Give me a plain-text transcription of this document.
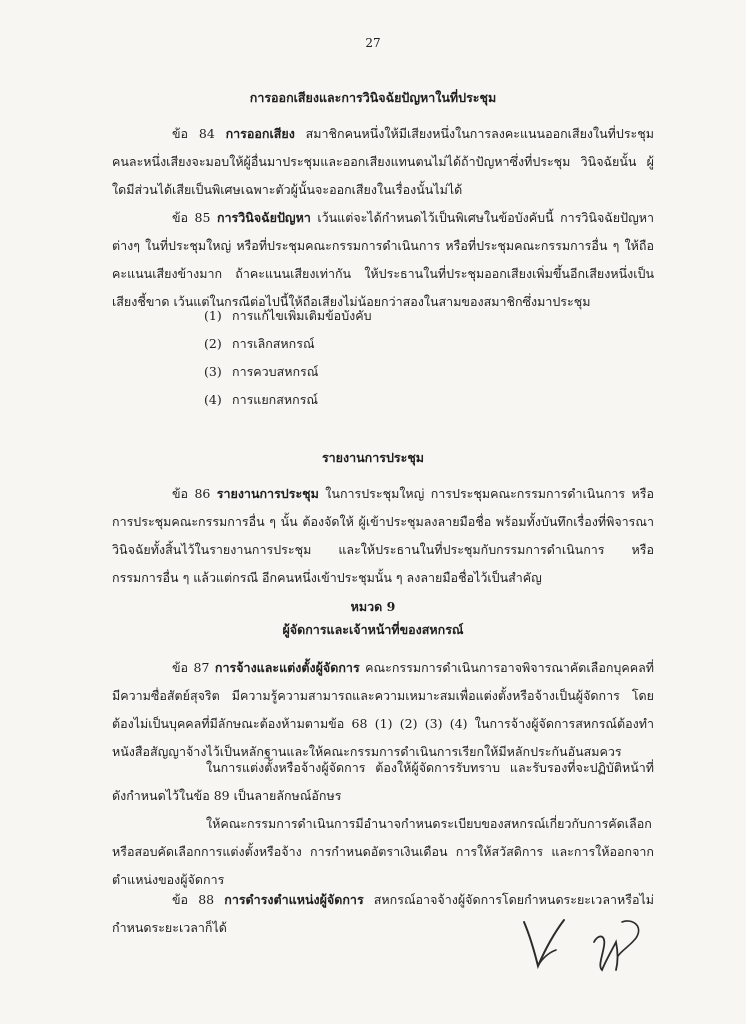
27
การออกเสียงและการวินิจฉัยปัญหาในที่ประชุม

ข้อ 84 การออกเสียง สมาชิกคนหนึ่งให้มีเสียงหนึ่งในการลงคะแนนออกเสียงในที่ประชุมคนละหนึ่งเสียงจะมอบให้ผู้อื่นมาประชุมและออกเสียงแทนตนไม่ได้ถ้าปัญหาซึ่งที่ประชุม วินิจฉัยนั้น ผู้ใดมีส่วนได้เสียเป็นพิเศษเฉพาะตัวผู้นั้นจะออกเสียงในเรื่องนั้นไม่ได้

ข้อ 85 การวินิจฉัยปัญหา เว้นแต่จะได้กำหนดไว้เป็นพิเศษในข้อบังคับนี้ การวินิจฉัยปัญหาต่างๆ ในที่ประชุมใหญ่ หรือที่ประชุมคณะกรรมการดำเนินการ หรือที่ประชุมคณะกรรมการอื่น ๆ ให้ถือคะแนนเสียงข้างมาก ถ้าคะแนนเสียงเท่ากัน ให้ประธานในที่ประชุมออกเสียงเพิ่มขึ้นอีกเสียงหนึ่งเป็นเสียงชี้ขาด เว้นแต่ในกรณีต่อไปนี้ให้ถือเสียงไม่น้อยกว่าสองในสามของสมาชิกซึ่งมาประชุม

(1) การแก้ไขเพิ่มเติมข้อบังคับ
(2) การเลิกสหกรณ์
(3) การควบสหกรณ์
(4) การแยกสหกรณ์
รายงานการประชุม

ข้อ 86 รายงานการประชุม ในการประชุมใหญ่ การประชุมคณะกรรมการดำเนินการ หรือการประชุมคณะกรรมการอื่น ๆ นั้น ต้องจัดให้ ผู้เข้าประชุมลงลายมือชื่อ พร้อมทั้งบันทึกเรื่องที่พิจารณาวินิจฉัยทั้งสิ้นไว้ในรายงานการประชุม และให้ประธานในที่ประชุมกับกรรมการดำเนินการ หรือกรรมการอื่น ๆ แล้วแต่กรณี อีกคนหนึ่งเข้าประชุมนั้น ๆ ลงลายมือชื่อไว้เป็นสำคัญ

หมวด 9
ผู้จัดการและเจ้าหน้าที่ของสหกรณ์

ข้อ 87 การจ้างและแต่งตั้งผู้จัดการ คณะกรรมการดำเนินการอาจพิจารณาคัดเลือกบุคคลที่มีความซื่อสัตย์สุจริต มีความรู้ความสามารถและความเหมาะสมเพื่อแต่งตั้งหรือจ้างเป็นผู้จัดการ โดยต้องไม่เป็นบุคคลที่มีลักษณะต้องห้ามตามข้อ 68 (1) (2) (3) (4) ในการจ้างผู้จัดการสหกรณ์ต้องทำหนังสือสัญญาจ้างไว้เป็นหลักฐานและให้คณะกรรมการดำเนินการเรียกให้มีหลักประกันอันสมควร

ในการแต่งตั้งหรือจ้างผู้จัดการ ต้องให้ผู้จัดการรับทราบ และรับรองที่จะปฏิบัติหน้าที่ดังกำหนดไว้ในข้อ 89 เป็นลายลักษณ์อักษร

ให้คณะกรรมการดำเนินการมีอำนาจกำหนดระเบียบของสหกรณ์เกี่ยวกับการคัดเลือกหรือสอบคัดเลือกการแต่งตั้งหรือจ้าง การกำหนดอัตราเงินเดือน การให้สวัสดิการ และการให้ออกจากตำแหน่งของผู้จัดการ

ข้อ 88 การดำรงตำแหน่งผู้จัดการ สหกรณ์อาจจ้างผู้จัดการโดยกำหนดระยะเวลาหรือไม่กำหนดระยะเวลาก็ได้
